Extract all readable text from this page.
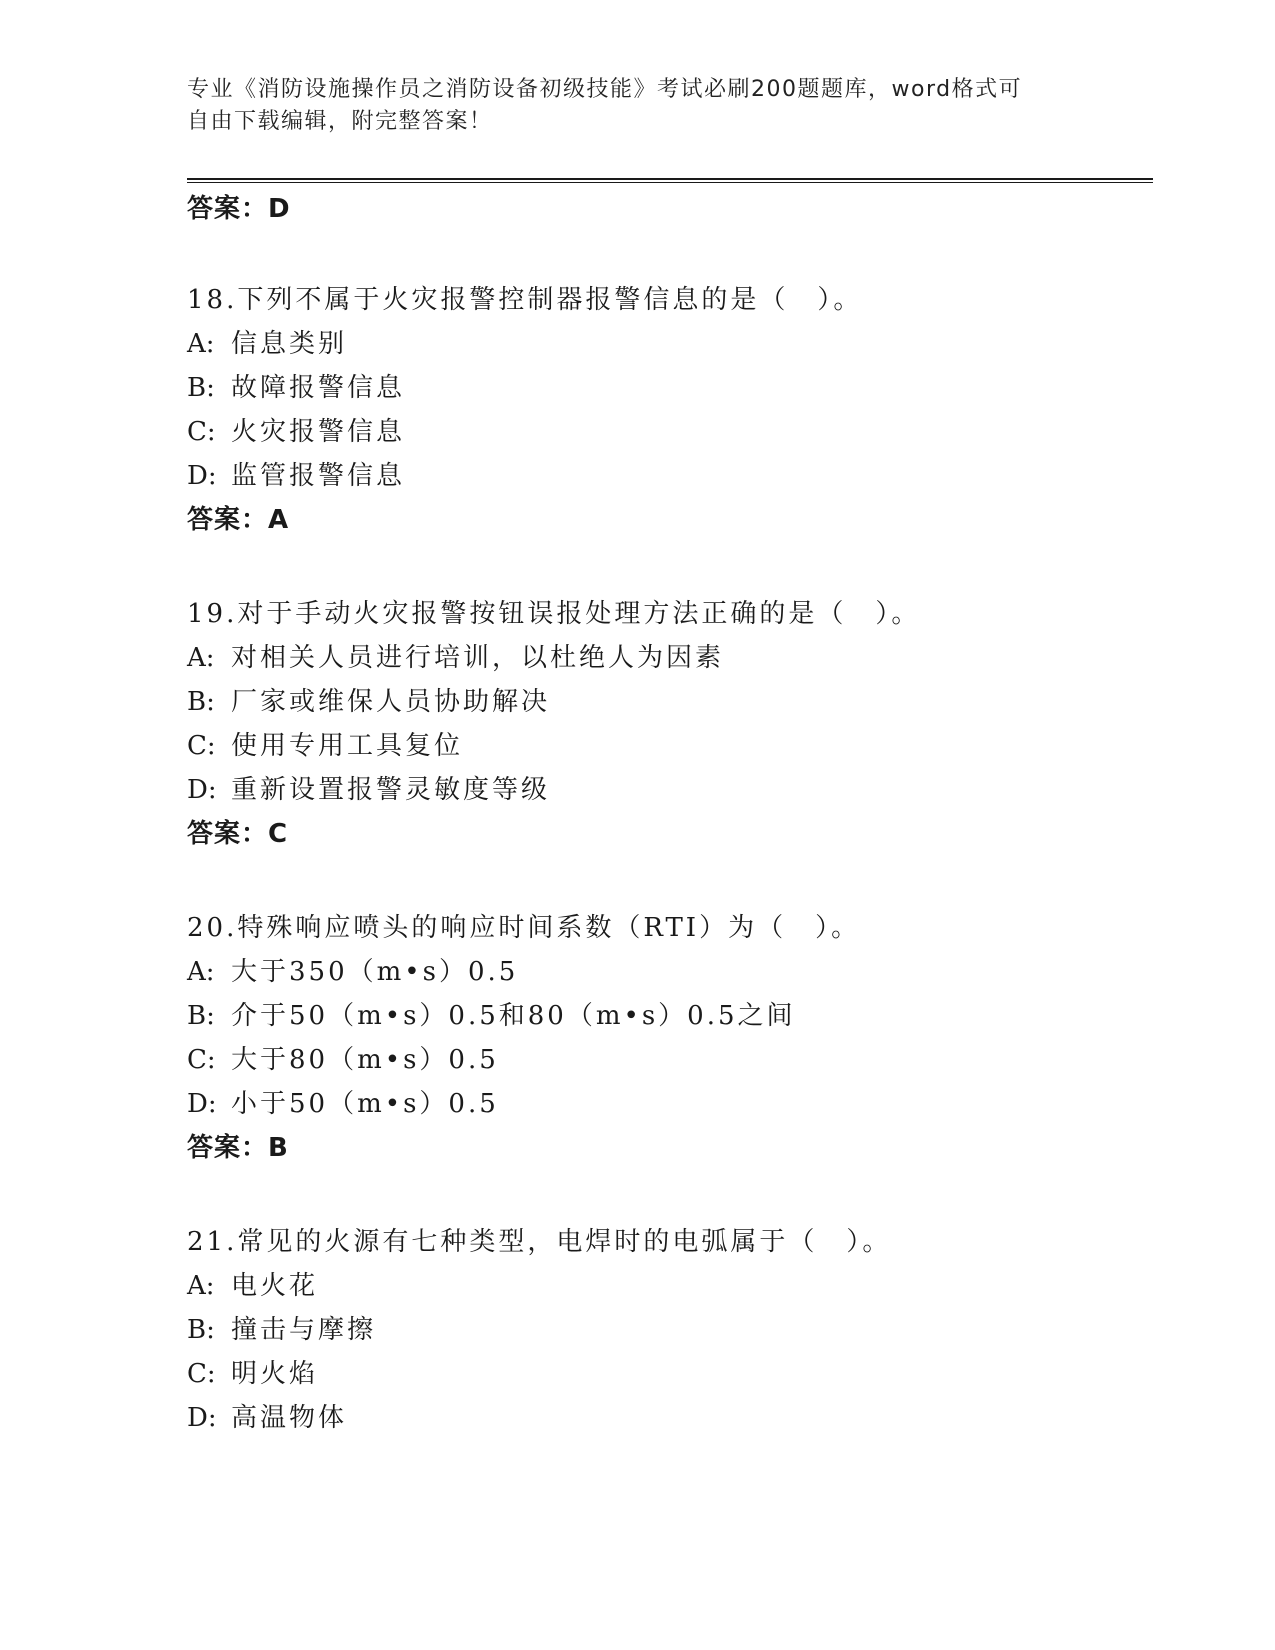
专业《消防设施操作员之消防设备初级技能》考试必刷200题题库，word格式可
自由下载编辑，附完整答案！
答案：D
18.下列不属于火灾报警控制器报警信息的是（　）。
A: 信息类别
B: 故障报警信息
C: 火灾报警信息
D: 监管报警信息
答案：A
19.对于手动火灾报警按钮误报处理方法正确的是（　）。
A: 对相关人员进行培训，以杜绝人为因素
B: 厂家或维保人员协助解决
C: 使用专用工具复位
D: 重新设置报警灵敏度等级
答案：C
20.特殊响应喷头的响应时间系数（RTI）为（　）。
A: 大于350（m•s）0.5
B: 介于50（m•s）0.5和80（m•s）0.5之间
C: 大于80（m•s）0.5
D: 小于50（m•s）0.5
答案：B
21.常见的火源有七种类型，电焊时的电弧属于（　）。
A: 电火花
B: 撞击与摩擦
C: 明火焰
D: 高温物体
